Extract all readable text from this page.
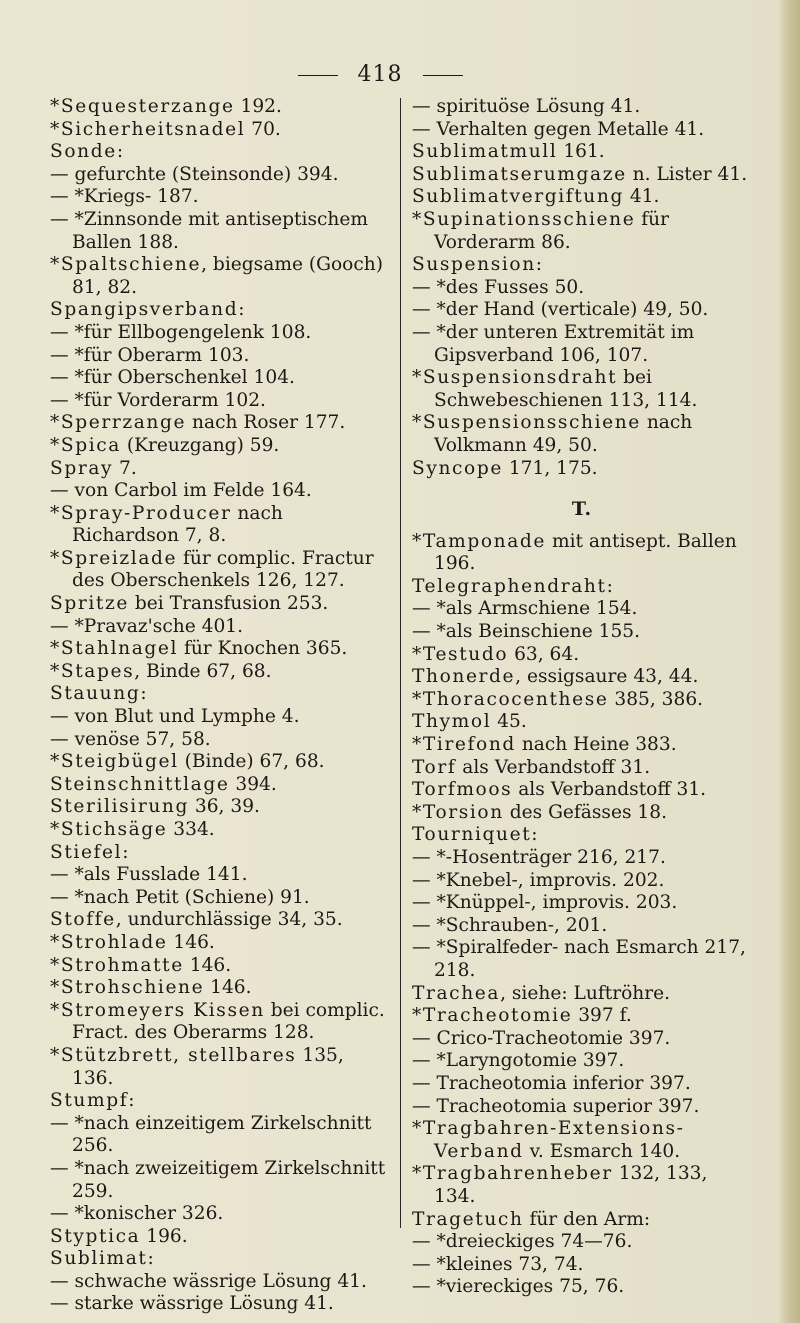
418

*Sequesterzange 192.

*Sicherheitsnadel 70.

Sonde:

— gefurchte (Steinsonde) 394.

— *Kriegs- 187.

— *Zinnsonde mit antiseptischem Ballen 188.

*Spaltschiene, biegsame (Gooch) 81, 82.

Spangipsverband:

— *für Ellbogengelenk 108.

— *für Oberarm 103.

— *für Oberschenkel 104.

— *für Vorderarm 102.

*Sperrzange nach Roser 177.

*Spica (Kreuzgang) 59.

Spray 7.

— von Carbol im Felde 164.

*Spray-Producer nach Richardson 7, 8.

*Spreizlade für complic. Fractur des Oberschenkels 126, 127.

Spritze bei Transfusion 253.

— *Pravaz'sche 401.

*Stahlnagel für Knochen 365.

*Stapes, Binde 67, 68.

Stauung:

— von Blut und Lymphe 4.

— venöse 57, 58.

*Steigbügel (Binde) 67, 68.

Steinschnittlage 394.

Sterilisirung 36, 39.

*Stichsäge 334.

Stiefel:

— *als Fusslade 141.

— *nach Petit (Schiene) 91.

Stoffe, undurchlässige 34, 35.

*Strohlade 146.

*Strohmatte 146.

*Strohschiene 146.

*Stromeyers Kissen bei complic. Fract. des Oberarms 128.

*Stützbrett, stellbares 135, 136.

Stumpf:

— *nach einzeitigem Zirkelschnitt 256.

— *nach zweizeitigem Zirkelschnitt 259.

— *konischer 326.

Styptica 196.

Sublimat:

— schwache wässrige Lösung 41.

— starke wässrige Lösung 41.

— spirituöse Lösung 41.

— Verhalten gegen Metalle 41.

Sublimatmull 161.

Sublimatserumgaze n. Lister 41.

Sublimatvergiftung 41.

*Supinationsschiene für Vorderarm 86.

Suspension:

— *des Fusses 50.

— *der Hand (verticale) 49, 50.

— *der unteren Extremität im Gipsverband 106, 107.

*Suspensionsdraht bei Schwebeschienen 113, 114.

*Suspensionsschiene nach Volkmann 49, 50.

Syncope 171, 175.

T.

*Tamponade mit antisept. Ballen 196.

Telegraphendraht:

— *als Armschiene 154.

— *als Beinschiene 155.

*Testudo 63, 64.

Thonerde, essigsaure 43, 44.

*Thoracocenthese 385, 386.

Thymol 45.

*Tirefond nach Heine 383.

Torf als Verbandstoff 31.

Torfmoos als Verbandstoff 31.

*Torsion des Gefässes 18.

Tourniquet:

— *-Hosenträger 216, 217.

— *Knebel-, improvis. 202.

— *Knüppel-, improvis. 203.

— *Schrauben-, 201.

— *Spiralfeder- nach Esmarch 217, 218.

Trachea, siehe: Luftröhre.

*Tracheotomie 397 f.

— Crico-Tracheotomie 397.

— *Laryngotomie 397.

— Tracheotomia inferior 397.

— Tracheotomia superior 397.

*Tragbahren-Extensions-Verband v. Esmarch 140.

*Tragbahrenheber 132, 133, 134.

Tragetuch für den Arm:

— *dreieckiges 74—76.

— *kleines 73, 74.

— *viereckiges 75, 76.
